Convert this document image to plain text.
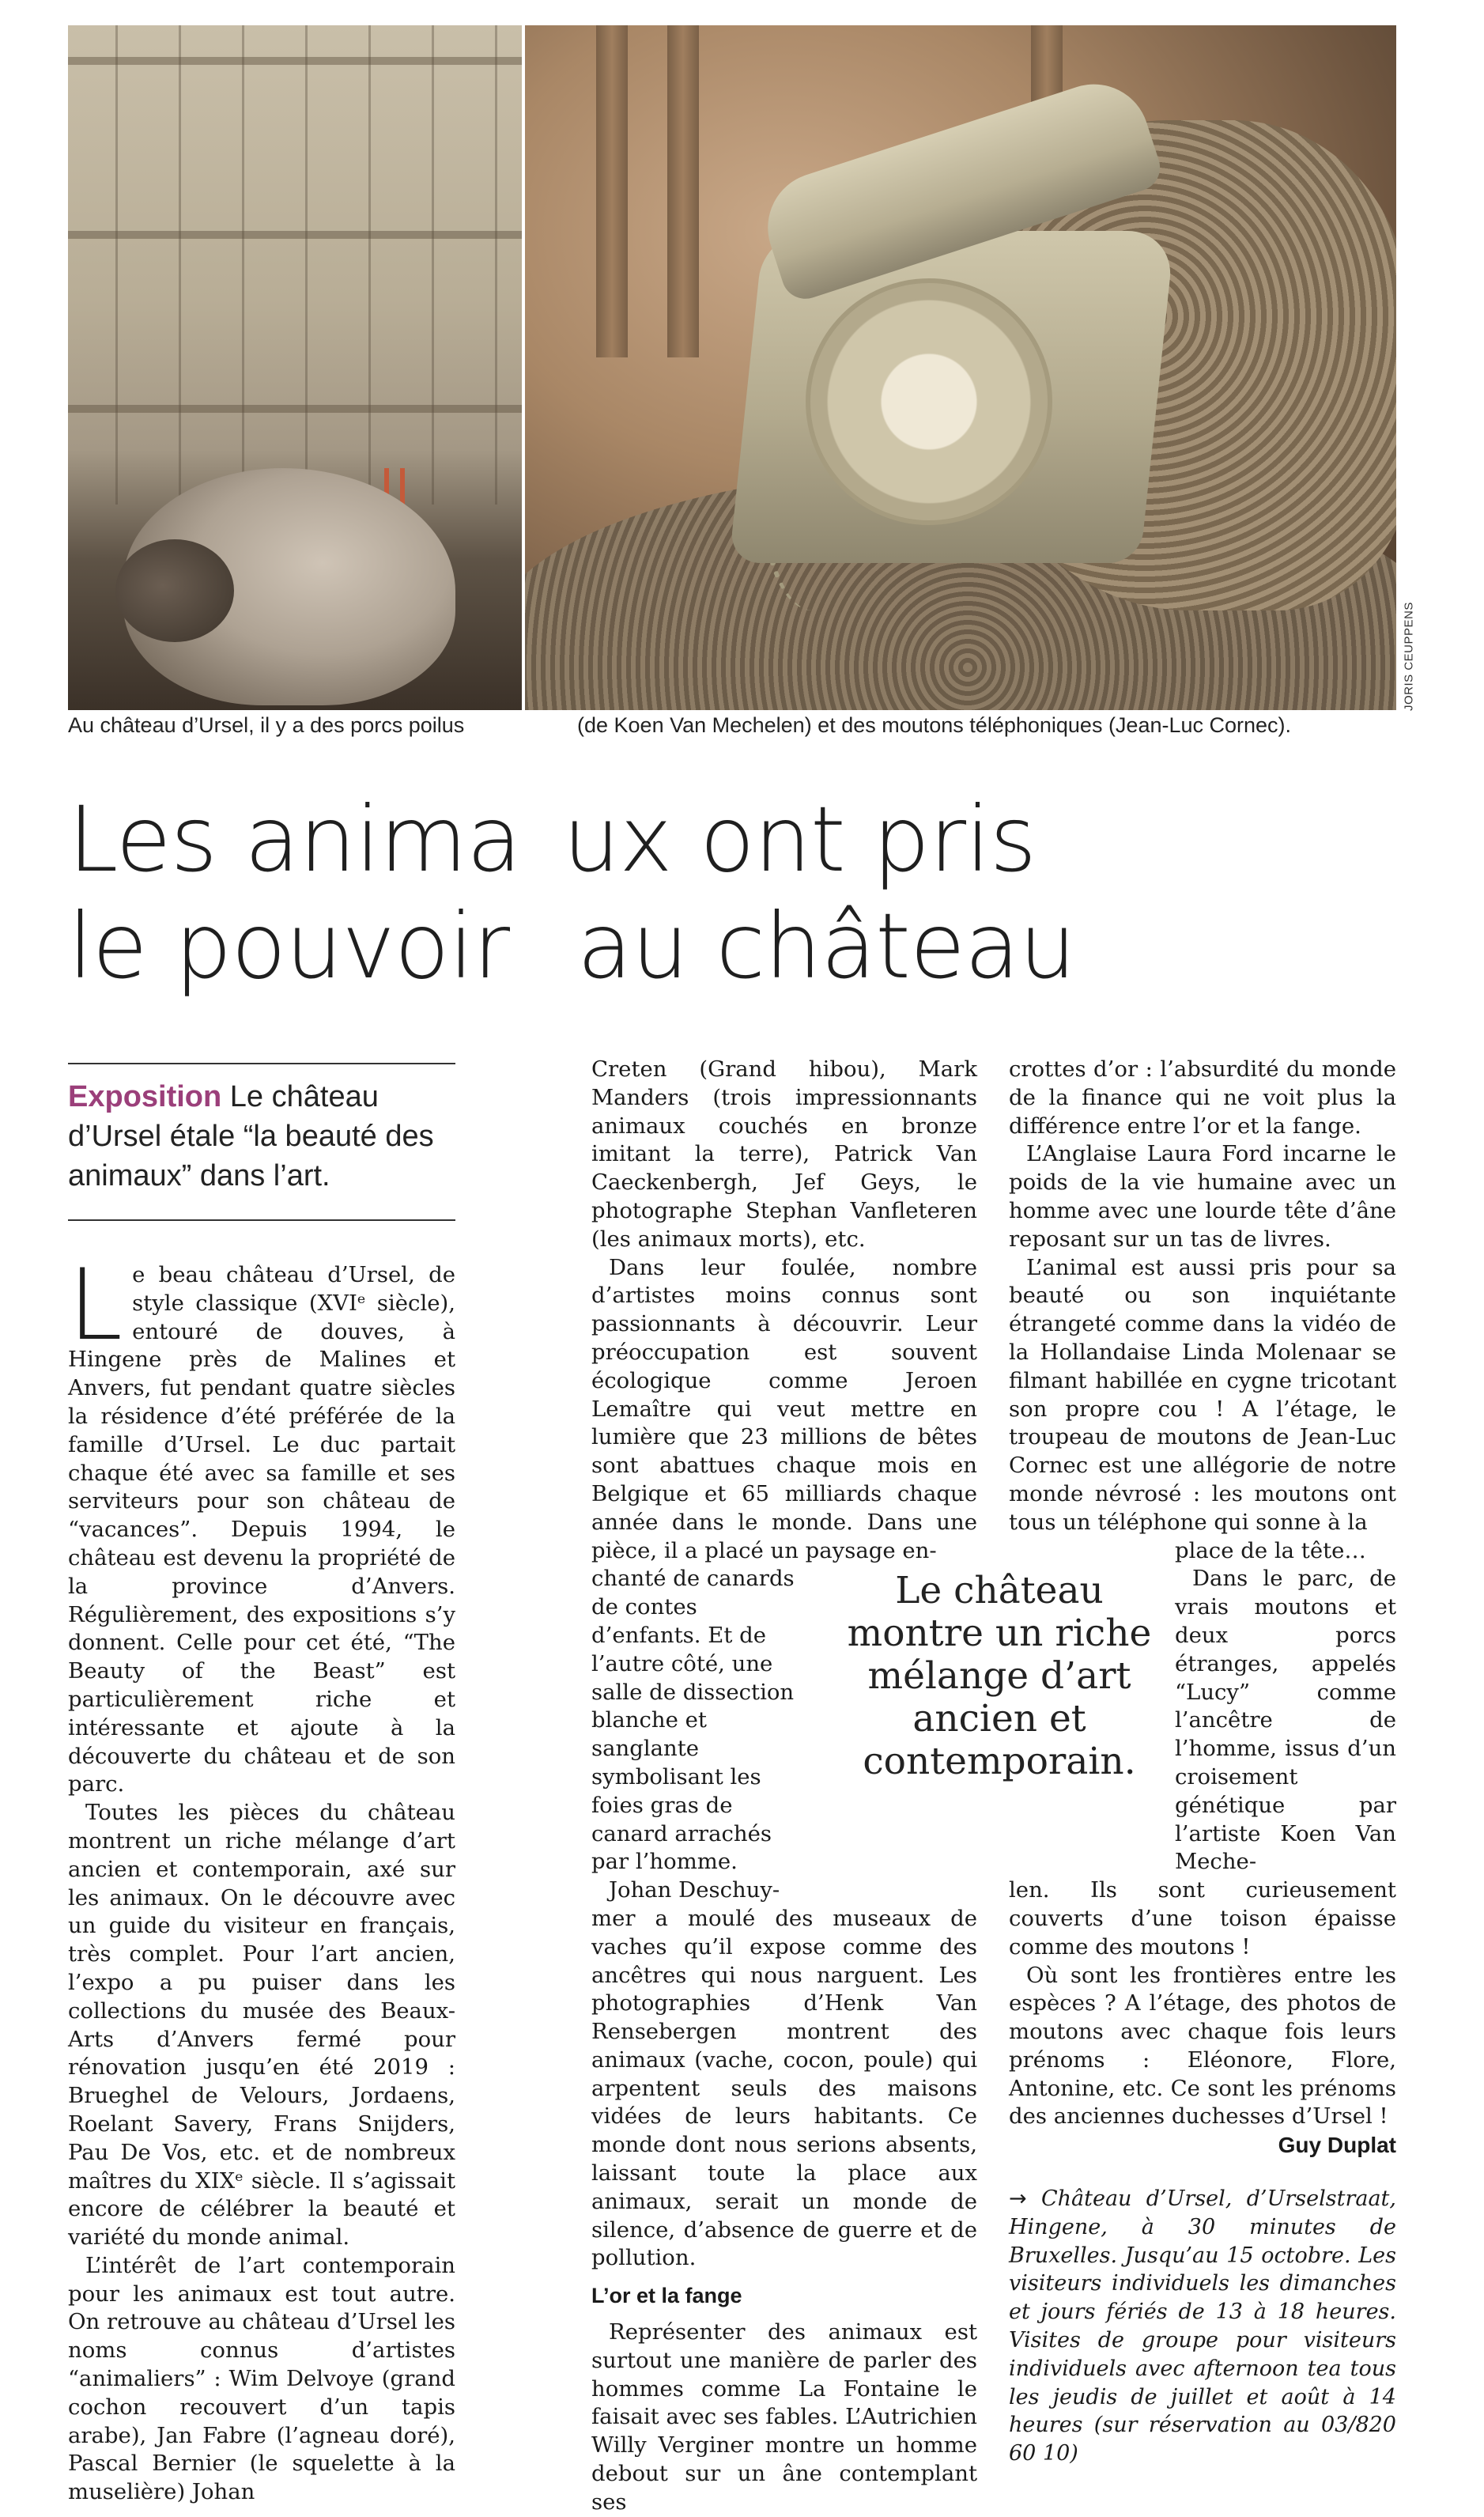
JORIS CEUPPENS
Au château d’Ursel, il y a des porcs poilus	(de Koen Van Mechelen) et des moutons téléphoniques (Jean-Luc Cornec).
Les anima ux ont pris
le pouvoir au château
Exposition Le château d’Ursel étale “la beauté des animaux” dans l’art.

Le beau château d’Ursel, de style classique (XVIᵉ siècle), entouré de douves, à Hingene près de Malines et Anvers, fut pendant quatre siècles la résidence d’été préférée de la famille d’Ursel. Le duc partait chaque été avec sa famille et ses serviteurs pour son château de “vacances”. Depuis 1994, le château est devenu la propriété de la province d’Anvers. Régulièrement, des expositions s’y donnent. Celle pour cet été, “The Beauty of the Beast” est particulièrement riche et intéressante et ajoute à la découverte du château et de son parc.

Toutes les pièces du château montrent un riche mélange d’art ancien et contemporain, axé sur les animaux. On le découvre avec un guide du visiteur en français, très complet. Pour l’art ancien, l’expo a pu puiser dans les collections du musée des Beaux-Arts d’Anvers fermé pour rénovation jusqu’en été 2019 : Brueghel de Velours, Jordaens, Roelant Savery, Frans Snijders, Pau De Vos, etc. et de nombreux maîtres du XIXᵉ siècle. Il s’agissait encore de célébrer la beauté et variété du monde animal.

L’intérêt de l’art contemporain pour les animaux est tout autre. On retrouve au château d’Ursel les noms connus d’artistes “animaliers” : Wim Delvoye (grand cochon recouvert d’un tapis arabe), Jan Fabre (l’agneau doré), Pascal Bernier (le squelette à la muselière) Johan

Creten (Grand hibou), Mark Manders (trois impressionnants animaux couchés en bronze imitant la terre), Patrick Van Caeckenbergh, Jef Geys, le photographe Stephan Vanfleteren (les animaux morts), etc.

Dans leur foulée, nombre d’artistes moins connus sont passionnants à découvrir. Leur préoccupation est souvent écologique comme Jeroen Lemaître qui veut mettre en lumière que 23 millions de bêtes sont abattues chaque mois en Belgique et 65 milliards chaque année dans le monde. Dans une pièce, il a placé un paysage en-

chanté de canards de contes d’enfants. Et de l’autre côté, une salle de dissection blanche et sanglante symbolisant les foies gras de canard arrachés par l’homme.

Johan Deschuy-

mer a moulé des museaux de vaches qu’il expose comme des ancêtres qui nous narguent. Les photographies d’Henk Van Rensebergen montrent des animaux (vache, cocon, poule) qui arpentent seuls des maisons vidées de leurs habitants. Ce monde dont nous serions absents, laissant toute la place aux animaux, serait un monde de silence, d’absence de guerre et de pollution.

L’or et la fange

Représenter des animaux est surtout une manière de parler des hommes comme La Fontaine le faisait avec ses fables. L’Autrichien Willy Verginer montre un homme debout sur un âne contemplant ses

Le château montre un riche mélange d’art ancien et contemporain.

crottes d’or : l’absurdité du monde de la finance qui ne voit plus la différence entre l’or et la fange.

L’Anglaise Laura Ford incarne le poids de la vie humaine avec un homme avec une lourde tête d’âne reposant sur un tas de livres.

L’animal est aussi pris pour sa beauté ou son inquiétante étrangeté comme dans la vidéo de la Hollandaise Linda Molenaar se filmant habillée en cygne tricotant son propre cou ! A l’étage, le troupeau de moutons de Jean-Luc Cornec est une allégorie de notre monde névrosé : les moutons ont tous un téléphone qui sonne à la

place de la tête…

Dans le parc, de vrais moutons et deux porcs étranges, appelés “Lucy” comme l’ancêtre de l’homme, issus d’un croisement génétique par l’artiste Koen Van Meche-

len. Ils sont curieusement couverts d’une toison épaisse comme des moutons !

Où sont les frontières entre les espèces ? A l’étage, des photos de moutons avec chaque fois leurs prénoms : Eléonore, Flore, Antonine, etc. Ce sont les prénoms des anciennes duchesses d’Ursel !

Guy Duplat
→ Château d’Ursel, d’Urselstraat, Hingene, à 30 minutes de Bruxelles. Jusqu’au 15 octobre. Les visiteurs individuels les dimanches et jours fériés de 13 à 18 heures. Visites de groupe pour visiteurs individuels avec afternoon tea tous les jeudis de juillet et août à 14 heures (sur réservation au 03/820 60 10)
